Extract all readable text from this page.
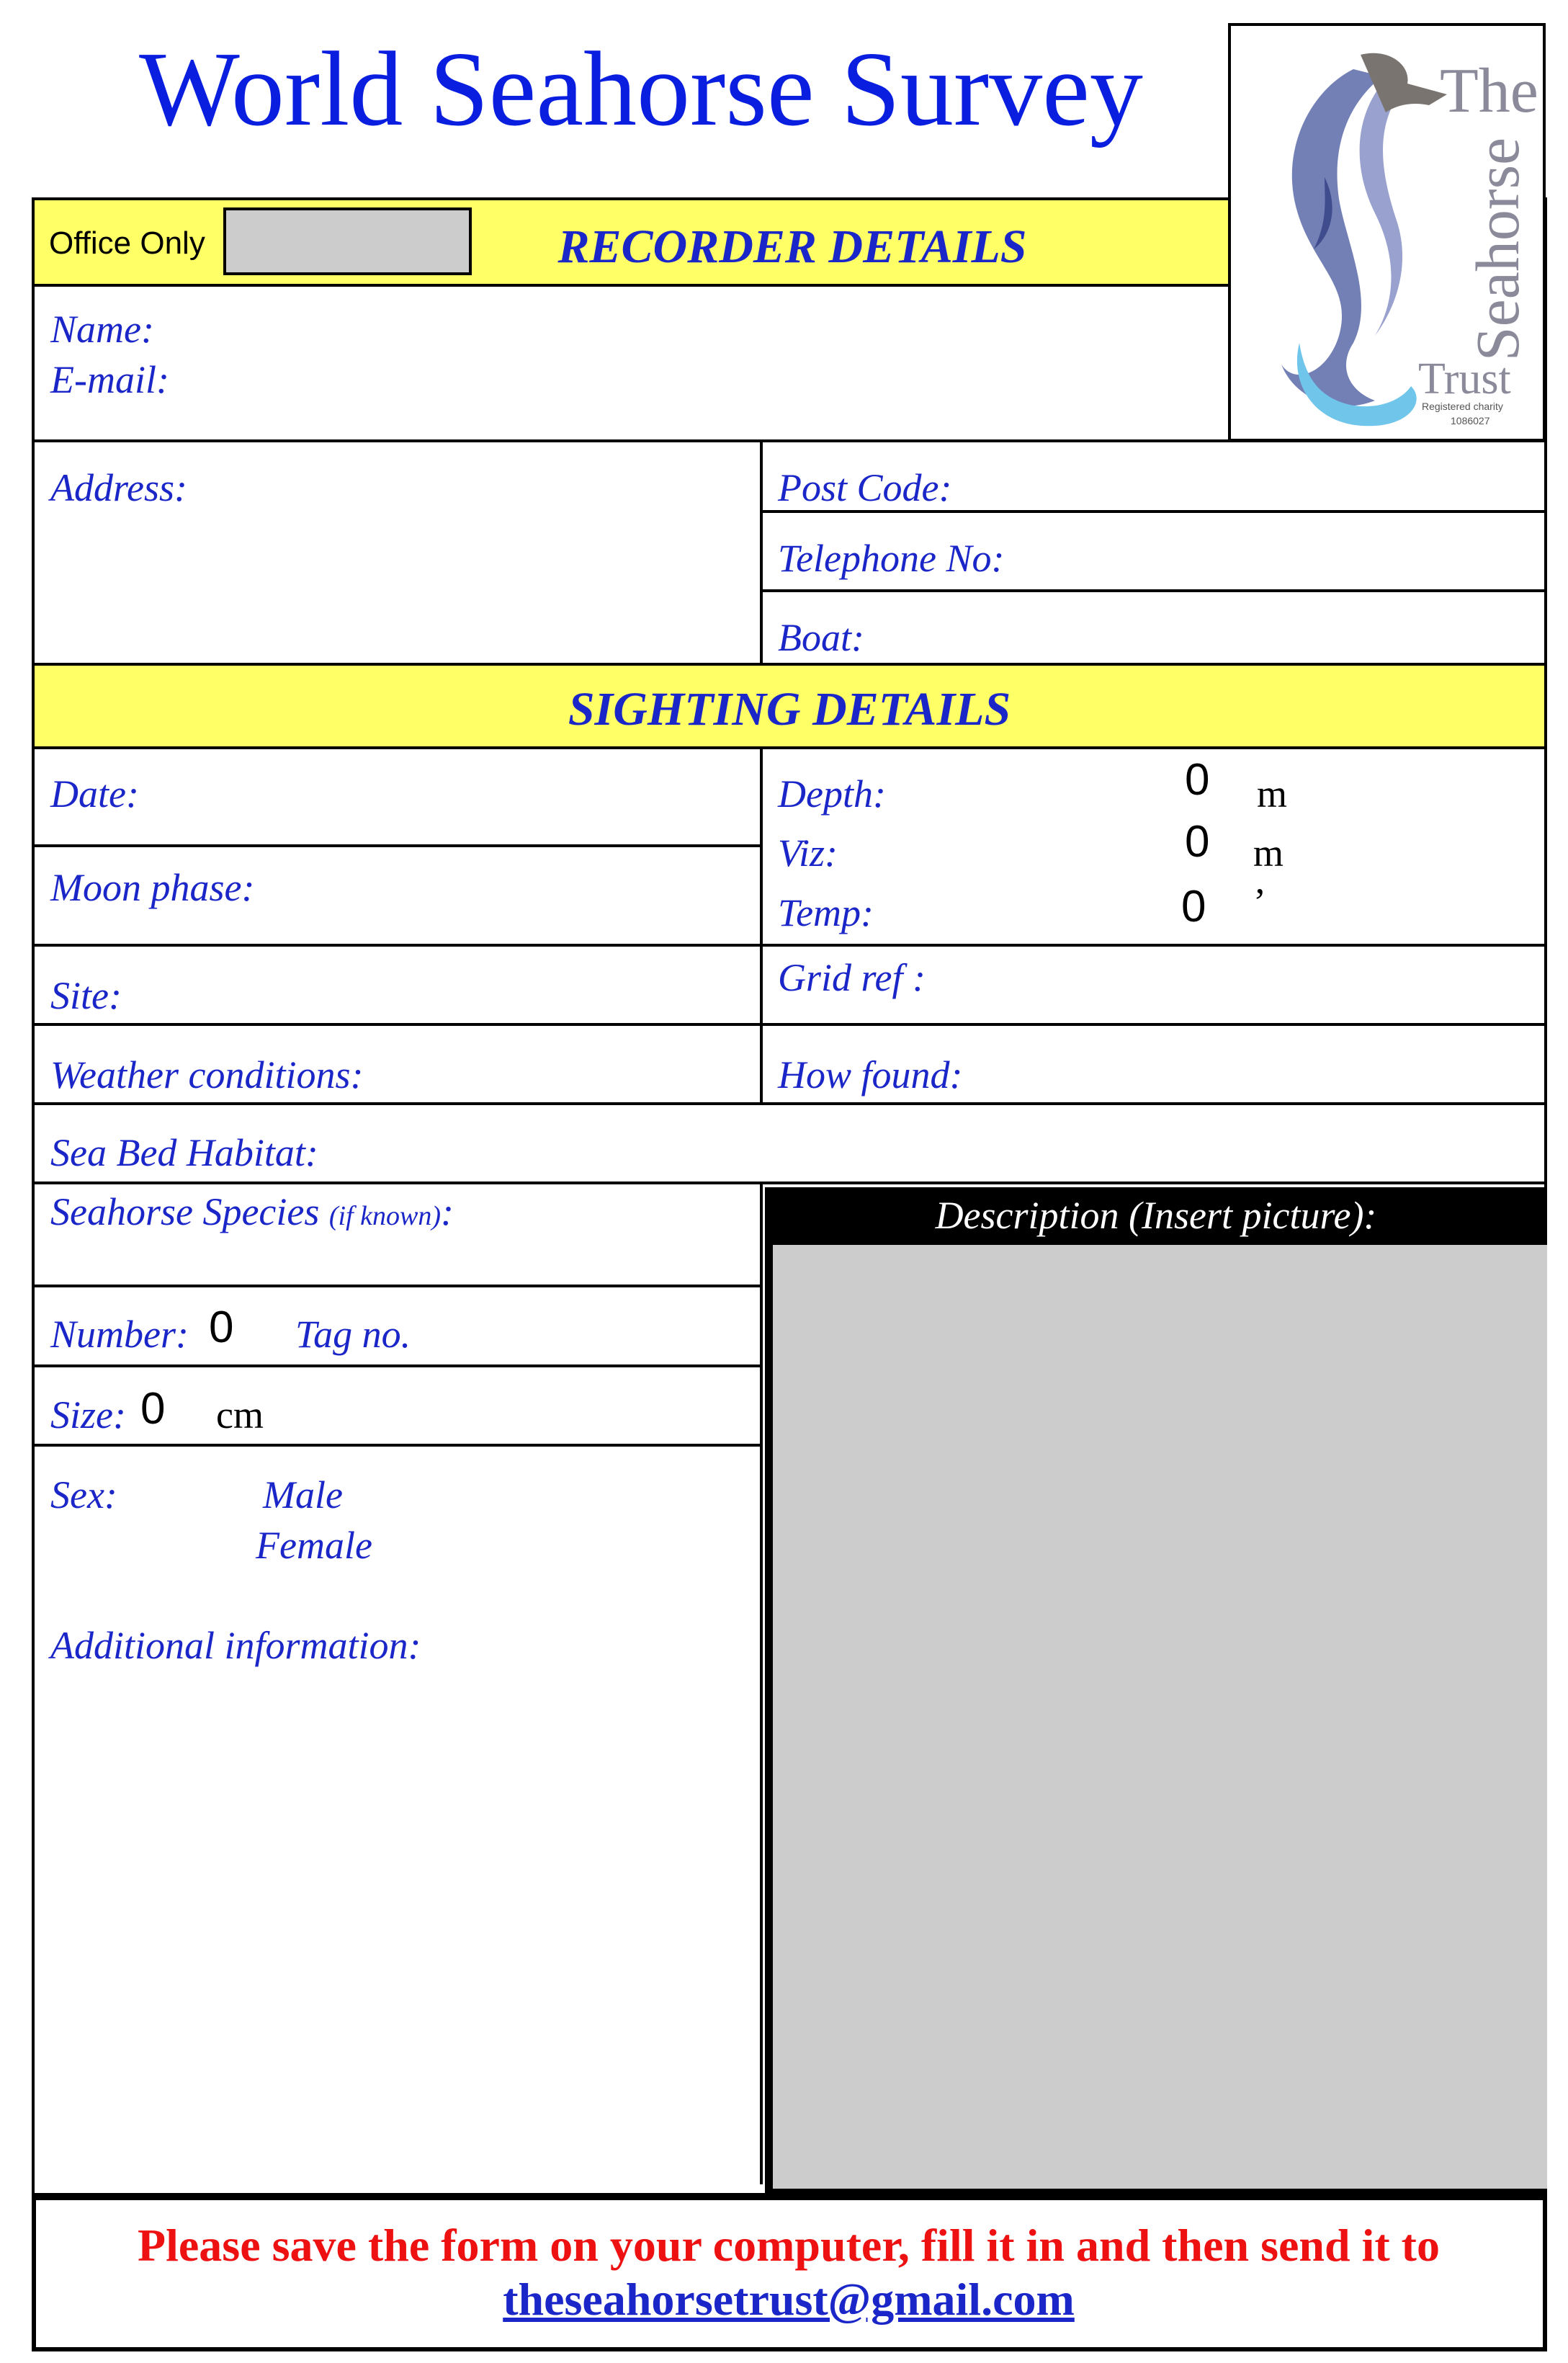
World Seahorse Survey	The
Seahorse
Trust
Registered charity
1086027
Office Only	RECORDER DETAILS
Name:
E-mail:
Address:	Post Code:
Telephone No:
Boat:
SIGHTING DETAILS
Date:
Moon phase:
Depth:	0 m
Viz:	0 m
Temp:	0 ’
Site:	Grid ref :
Weather conditions:	How found:
Sea Bed Habitat:
Seahorse Species (if known):
Number: 0 Tag no.
Size: 0 cm
Sex:	Male
Female
Additional information:
Description (Insert picture):
Please save the form on your computer, fill it in and then send it to
theseahorsetrust@gmail.com
